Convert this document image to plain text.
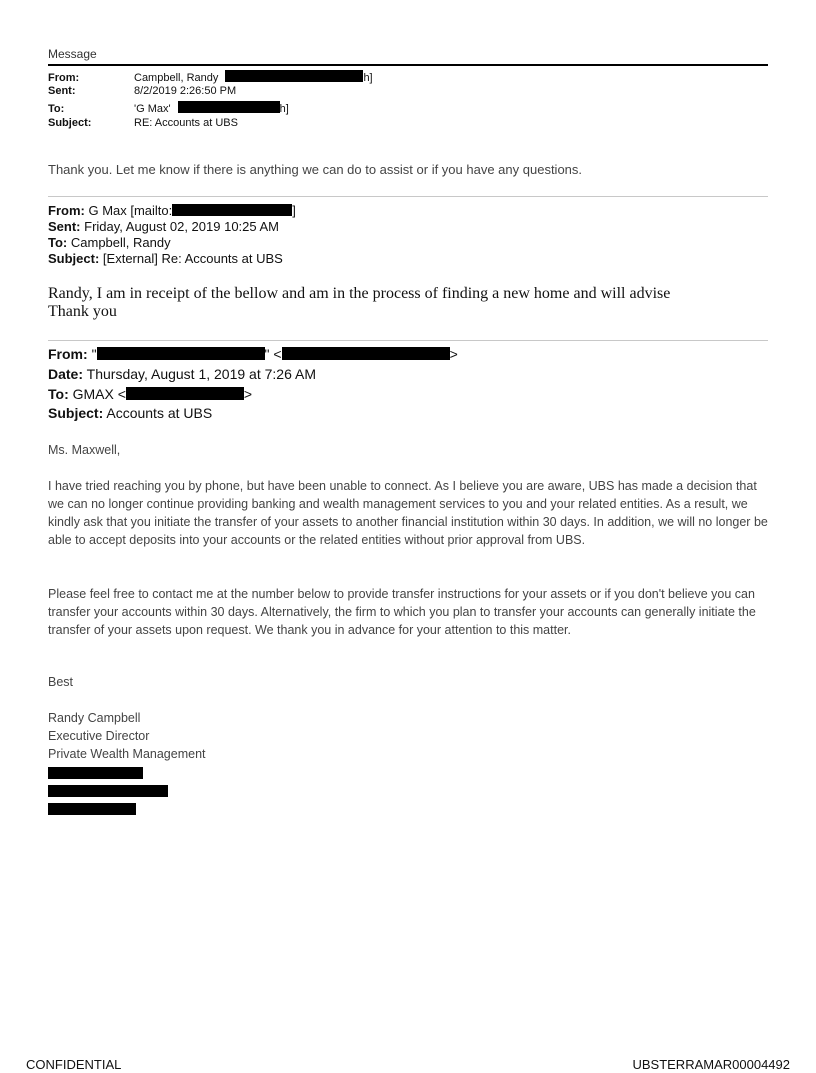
Message
From:	Campbell, Randy	h]
Sent:	8/2/2019 2:26:50 PM
To:	'G Max'	h]
Subject:	RE: Accounts at UBS
Thank you. Let me know if there is anything we can do to assist or if you have any questions.
From: G Max [mailto:	]
Sent: Friday, August 02, 2019 10:25 AM
To: Campbell, Randy
Subject: [External] Re: Accounts at UBS
Randy, I am in receipt of the bellow and am in the process of finding a new home and will advise
Thank you
From: "	" <	>
Date: Thursday, August 1, 2019 at 7:26 AM
To: GMAX <	>
Subject: Accounts at UBS
Ms. Maxwell,
I have tried reaching you by phone, but have been unable to connect. As I believe you are aware, UBS has made a decision that we can no longer continue providing banking and wealth management services to you and your related entities. As a result, we kindly ask that you initiate the transfer of your assets to another financial institution within 30 days. In addition, we will no longer be able to accept deposits into your accounts or the related entities without prior approval from UBS.
Please feel free to contact me at the number below to provide transfer instructions for your assets or if you don't believe you can transfer your accounts within 30 days. Alternatively, the firm to which you plan to transfer your accounts can generally initiate the transfer of your assets upon request. We thank you in advance for your attention to this matter.
Best
Randy Campbell
Executive Director
Private Wealth Management
CONFIDENTIAL	UBSTERRAMAR00004492
